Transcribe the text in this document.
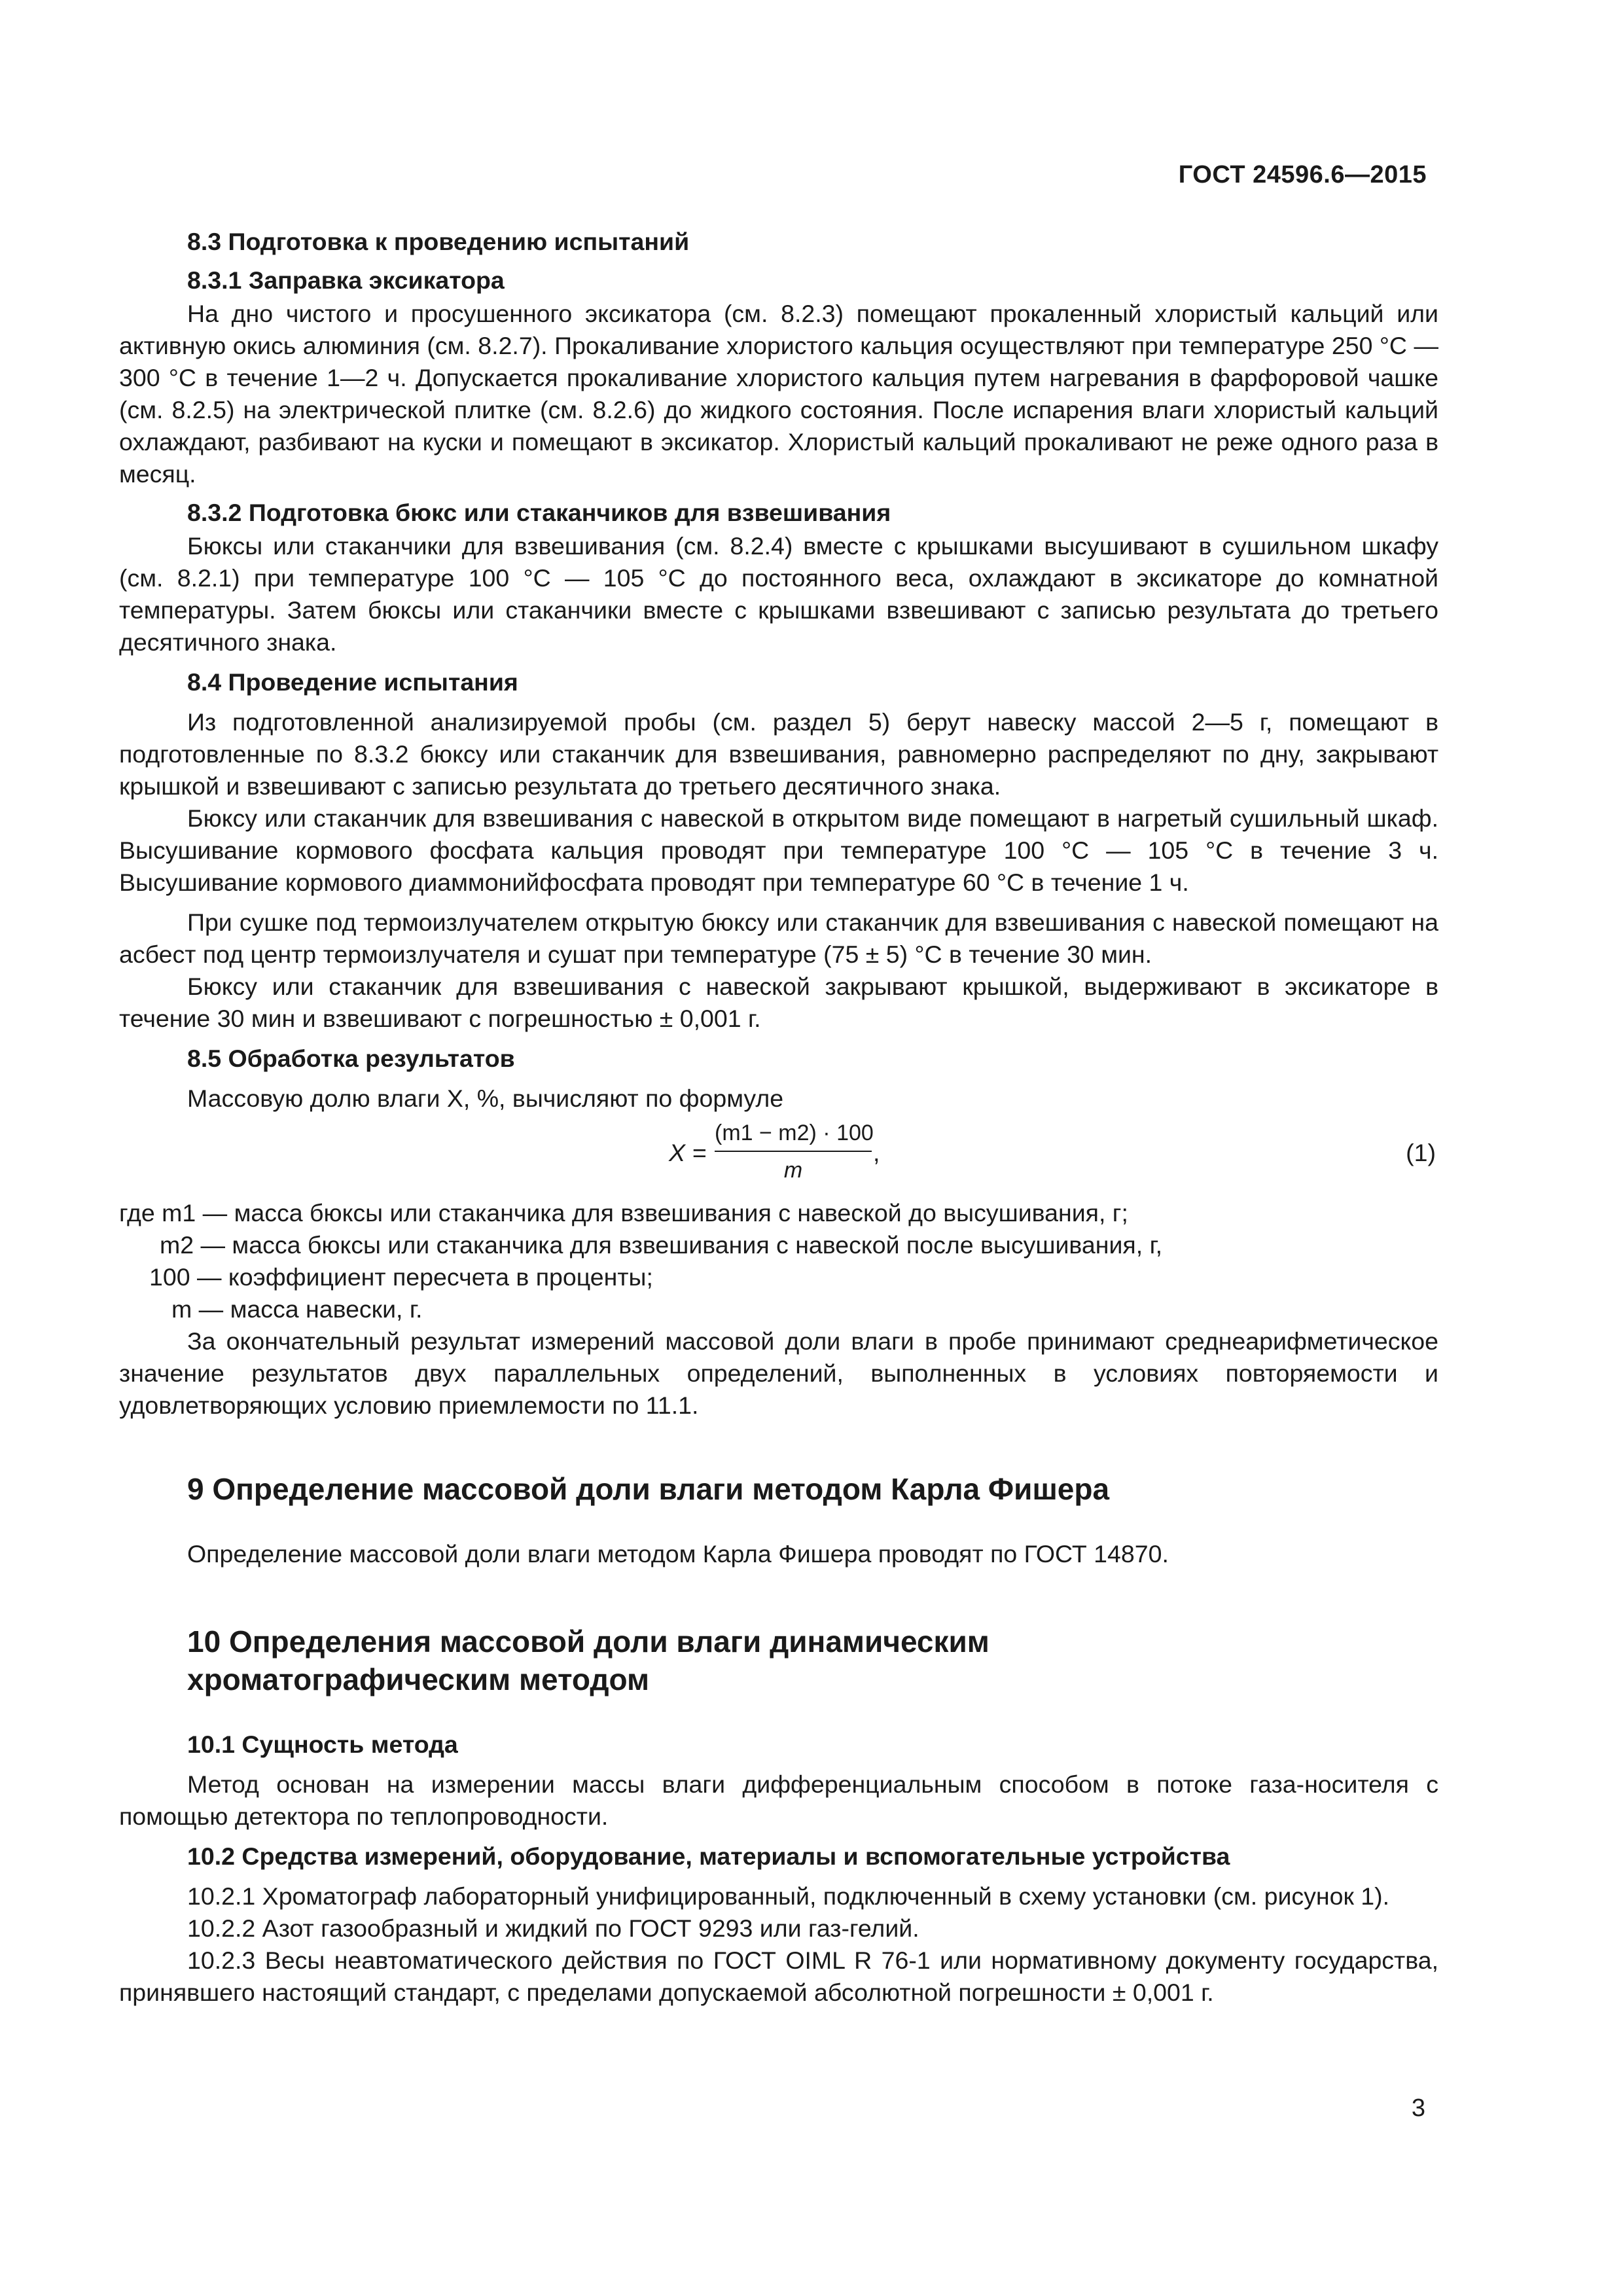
ГОСТ 24596.6—2015
8.3 Подготовка к проведению испытаний
8.3.1 Заправка эксикатора

На дно чистого и просушенного эксикатора (см. 8.2.3) помещают прокаленный хлористый кальций или активную окись алюминия (см. 8.2.7). Прокаливание хлористого кальция осуществляют при температуре 250 °С — 300 °С в течение 1—2 ч. Допускается прокаливание хлористого кальция путем нагревания в фарфоровой чашке (см. 8.2.5) на электрической плитке (см. 8.2.6) до жидкого состояния. После испарения влаги хлористый кальций охлаждают, разбивают на куски и помещают в эксикатор. Хлористый кальций прокаливают не реже одного раза в месяц.

8.3.2 Подготовка бюкс или стаканчиков для взвешивания

Бюксы или стаканчики для взвешивания (см. 8.2.4) вместе с крышками высушивают в сушильном шкафу (см. 8.2.1) при температуре 100 °С — 105 °С до постоянного веса, охлаждают в эксикаторе до комнатной температуры. Затем бюксы или стаканчики вместе с крышками взвешивают с записью результата до третьего десятичного знака.

8.4 Проведение испытания

Из подготовленной анализируемой пробы (см. раздел 5) берут навеску массой 2—5 г, помещают в подготовленные по 8.3.2 бюксу или стаканчик для взвешивания, равномерно распределяют по дну, закрывают крышкой и взвешивают с записью результата до третьего десятичного знака.

Бюксу или стаканчик для взвешивания с навеской в открытом виде помещают в нагретый сушильный шкаф. Высушивание кормового фосфата кальция проводят при температуре 100 °С — 105 °С в течение 3 ч. Высушивание кормового диаммонийфосфата проводят при температуре 60 °С в течение 1 ч.

При сушке под термоизлучателем открытую бюксу или стаканчик для взвешивания с навеской помещают на асбест под центр термоизлучателя и сушат при температуре (75 ± 5) °С в течение 30 мин.

Бюксу или стаканчик для взвешивания с навеской закрывают крышкой, выдерживают в эксикаторе в течение 30 мин и взвешивают с погрешностью ± 0,001 г.

8.5 Обработка результатов

Массовую долю влаги X, %, вычисляют по формуле

$X = \frac{(m1 - m2) \cdot 100}{m}$ ,	(1)
где m1 — масса бюксы или стаканчика для взвешивания с навеской до высушивания, г;
m2 — масса бюксы или стаканчика для взвешивания с навеской после высушивания, г,
100 — коэффициент пересчета в проценты;
m — масса навески, г.

За окончательный результат измерений массовой доли влаги в пробе принимают среднеарифметическое значение результатов двух параллельных определений, выполненных в условиях повторяемости и удовлетворяющих условию приемлемости по 11.1.

9 Определение массовой доли влаги методом Карла Фишера

Определение массовой доли влаги методом Карла Фишера проводят по ГОСТ 14870.

10 Определения массовой доли влаги динамическим
хроматографическим методом
10.1 Сущность метода

Метод основан на измерении массы влаги дифференциальным способом в потоке газа-носителя с помощью детектора по теплопроводности.

10.2 Средства измерений, оборудование, материалы и вспомогательные устройства

10.2.1 Хроматограф лабораторный унифицированный, подключенный в схему установки (см. рисунок 1).

10.2.2 Азот газообразный и жидкий по ГОСТ 9293 или газ-гелий.

10.2.3 Весы неавтоматического действия по ГОСТ OIML R 76-1 или нормативному документу государства, принявшего настоящий стандарт, с пределами допускаемой абсолютной погрешности ± 0,001 г.

3
